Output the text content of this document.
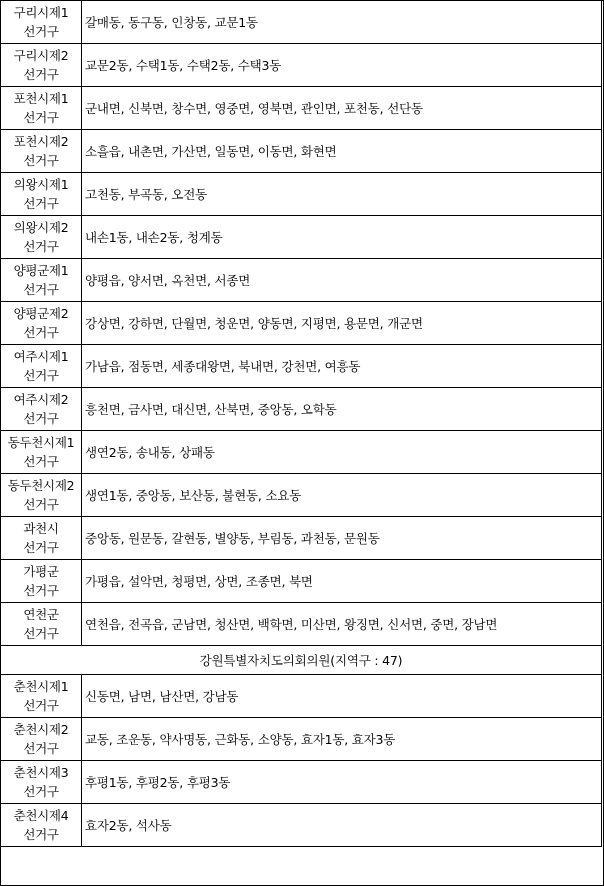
구리시제1
선거구	갈매동, 동구동, 인창동, 교문1동

구리시제2
선거구	교문2동, 수택1동, 수택2동, 수택3동

포천시제1
선거구	군내면, 신북면, 창수면, 영중면, 영북면, 관인면, 포천동, 선단동

포천시제2
선거구	소흘읍, 내촌면, 가산면, 일동면, 이동면, 화현면

의왕시제1
선거구	고천동, 부곡동, 오전동

의왕시제2
선거구	내손1동, 내손2동, 청계동

양평군제1
선거구	양평읍, 양서면, 옥천면, 서종면

양평군제2
선거구	강상면, 강하면, 단월면, 청운면, 양동면, 지평면, 용문면, 개군면

여주시제1
선거구	가남읍, 점동면, 세종대왕면, 북내면, 강천면, 여흥동

여주시제2
선거구	흥천면, 금사면, 대신면, 산북면, 중앙동, 오학동

동두천시제1
선거구	생연2동, 송내동, 상패동

동두천시제2
선거구	생연1동, 중앙동, 보산동, 불현동, 소요동

과천시
선거구	중앙동, 원문동, 갈현동, 별양동, 부림동, 과천동, 문원동

가평군
선거구	가평읍, 설악면, 청평면, 상면, 조종면, 북면

연천군
선거구	연천읍, 전곡읍, 군남면, 청산면, 백학면, 미산면, 왕징면, 신서면, 중면, 장남면
강원특별자치도의회의원(지역구 : 47)	

춘천시제1
선거구	신동면, 남면, 남산면, 강남동

춘천시제2
선거구	교동, 조운동, 약사명동, 근화동, 소양동, 효자1동, 효자3동

춘천시제3
선거구	후평1동, 후평2동, 후평3동

춘천시제4
선거구	효자2동, 석사동
